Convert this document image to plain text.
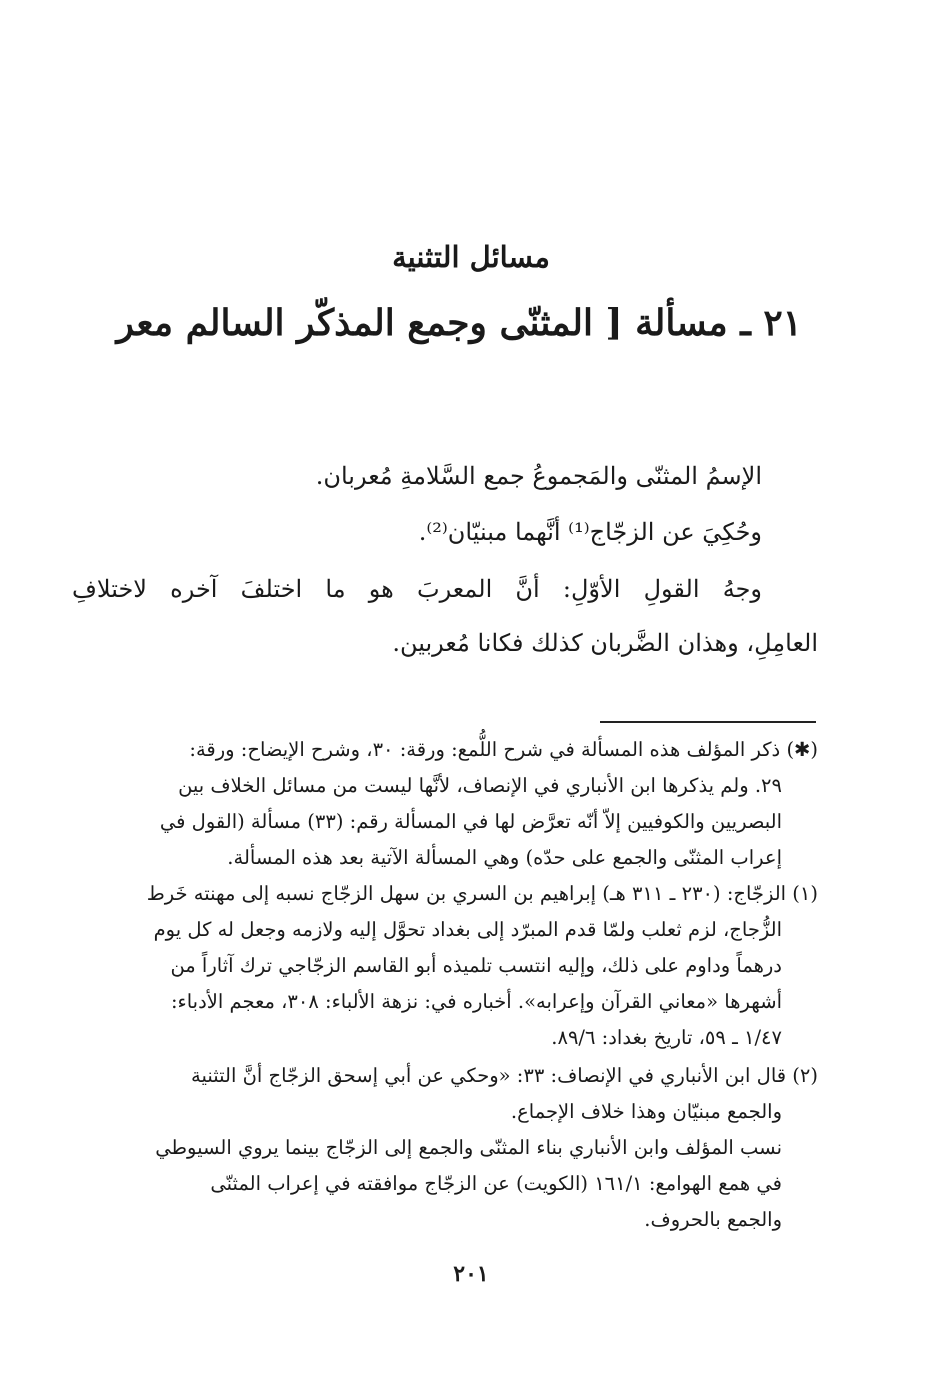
مسائل التثنية
٢١ ـ مسألة [ المثنّى وجمع المذكّر السالم معر
الإسمُ المثنّى والمَجموعُ جمع السَّلامةِ مُعربان.
وحُكِيَ عن الزجّاج⁽¹⁾ أنَّهما مبنيّان⁽²⁾.
وجهُ القولِ الأوّلِ: أنَّ المعربَ هو ما اختلفَ آخره لاختلافِ
العامِلِ، وهذان الضَّربان كذلك فكانا مُعربين.
(✱) ذكر المؤلف هذه المسألة في شرح اللُّمع: ورقة: ٣٠، وشرح الإيضاح: ورقة:
٢٩. ولم يذكرها ابن الأنباري في الإنصاف، لأنَّها ليست من مسائل الخلاف بين
البصريين والكوفيين إلاّ أنّه تعرَّض لها في المسألة رقم: (٣٣) مسألة (القول في
إعراب المثنّى والجمع على حدّه) وهي المسألة الآتية بعد هذه المسألة.
(١) الزجّاج: (٢٣٠ ـ ٣١١ هـ) إبراهيم بن السري بن سهل الزجّاج نسبه إلى مهنته خَرط
الزُّجاج، لزم ثعلب ولمّا قدم المبرّد إلى بغداد تحوَّل إليه ولازمه وجعل له كل يوم
درهماً وداوم على ذلك، وإليه انتسب تلميذه أبو القاسم الزجّاجي ترك آثاراً من
أشهرها «معاني القرآن وإعرابه». أخباره في: نزهة الألباء: ٣٠٨، معجم الأدباء:
١/٤٧ ـ ٥٩، تاريخ بغداد: ٨٩/٦.
(٢) قال ابن الأنباري في الإنصاف: ٣٣: «وحكي عن أبي إسحق الزجّاج أنَّ التثنية
والجمع مبنيّان وهذا خلاف الإجماع.
نسب المؤلف وابن الأنباري بناء المثنّى والجمع إلى الزجّاج بينما يروي السيوطي
في همع الهوامع: ١٦١/١ (الكويت) عن الزجّاج موافقته في إعراب المثنّى
والجمع بالحروف.
٢٠١
